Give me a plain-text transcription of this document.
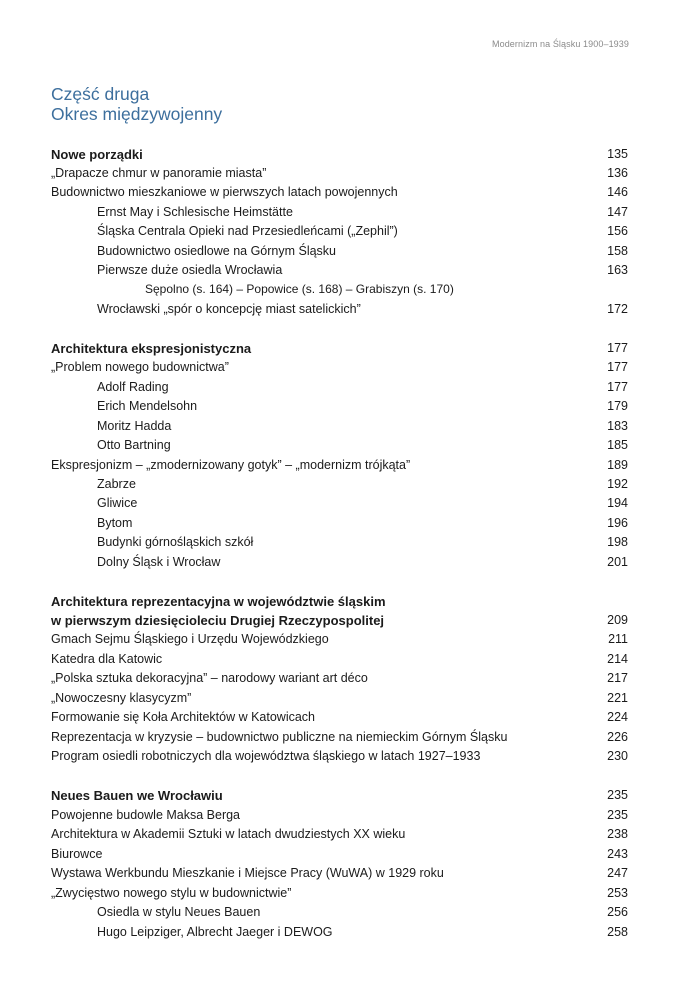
Modernizm na Śląsku 1900–1939
Część druga
Okres międzywojenny
Nowe porządki	135
„Drapacze chmur w panoramie miasta”	136
Budownictwo mieszkaniowe w pierwszych latach powojennych	146
Ernst May i Schlesische Heimstätte	147
Śląska Centrala Opieki nad Przesiedleńcami („Zephil”)	156
Budownictwo osiedlowe na Górnym Śląsku	158
Pierwsze duże osiedla Wrocławia	163
Sępolno (s. 164) – Popowice (s. 168) – Grabiszyn (s. 170)
Wrocławski „spór o koncepcję miast satelickich”	172
Architektura ekspresjonistyczna	177
„Problem nowego budownictwa”	177
Adolf Rading	177
Erich Mendelsohn	179
Moritz Hadda	183
Otto Bartning	185
Ekspresjonizm – „zmodernizowany gotyk” – „modernizm trójkąta”	189
Zabrze	192
Gliwice	194
Bytom	196
Budynki górnośląskich szkół	198
Dolny Śląsk i Wrocław	201
Architektura reprezentacyjna w województwie śląskim
w pierwszym dziesięcioleciu Drugiej Rzeczypospolitej	209
Gmach Sejmu Śląskiego i Urzędu Wojewódzkiego	211
Katedra dla Katowic	214
„Polska sztuka dekoracyjna” – narodowy wariant art déco	217
„Nowoczesny klasycyzm”	221
Formowanie się Koła Architektów w Katowicach	224
Reprezentacja w kryzysie – budownictwo publiczne na niemieckim Górnym Śląsku	226
Program osiedli robotniczych dla województwa śląskiego w latach 1927–1933	230
Neues Bauen we Wrocławiu	235
Powojenne budowle Maksa Berga	235
Architektura w Akademii Sztuki w latach dwudziestych XX wieku	238
Biurowce	243
Wystawa Werkbundu Mieszkanie i Miejsce Pracy (WuWA) w 1929 roku	247
„Zwycięstwo nowego stylu w budownictwie”	253
Osiedla w stylu Neues Bauen	256
Hugo Leipziger, Albrecht Jaeger i DEWOG	258
